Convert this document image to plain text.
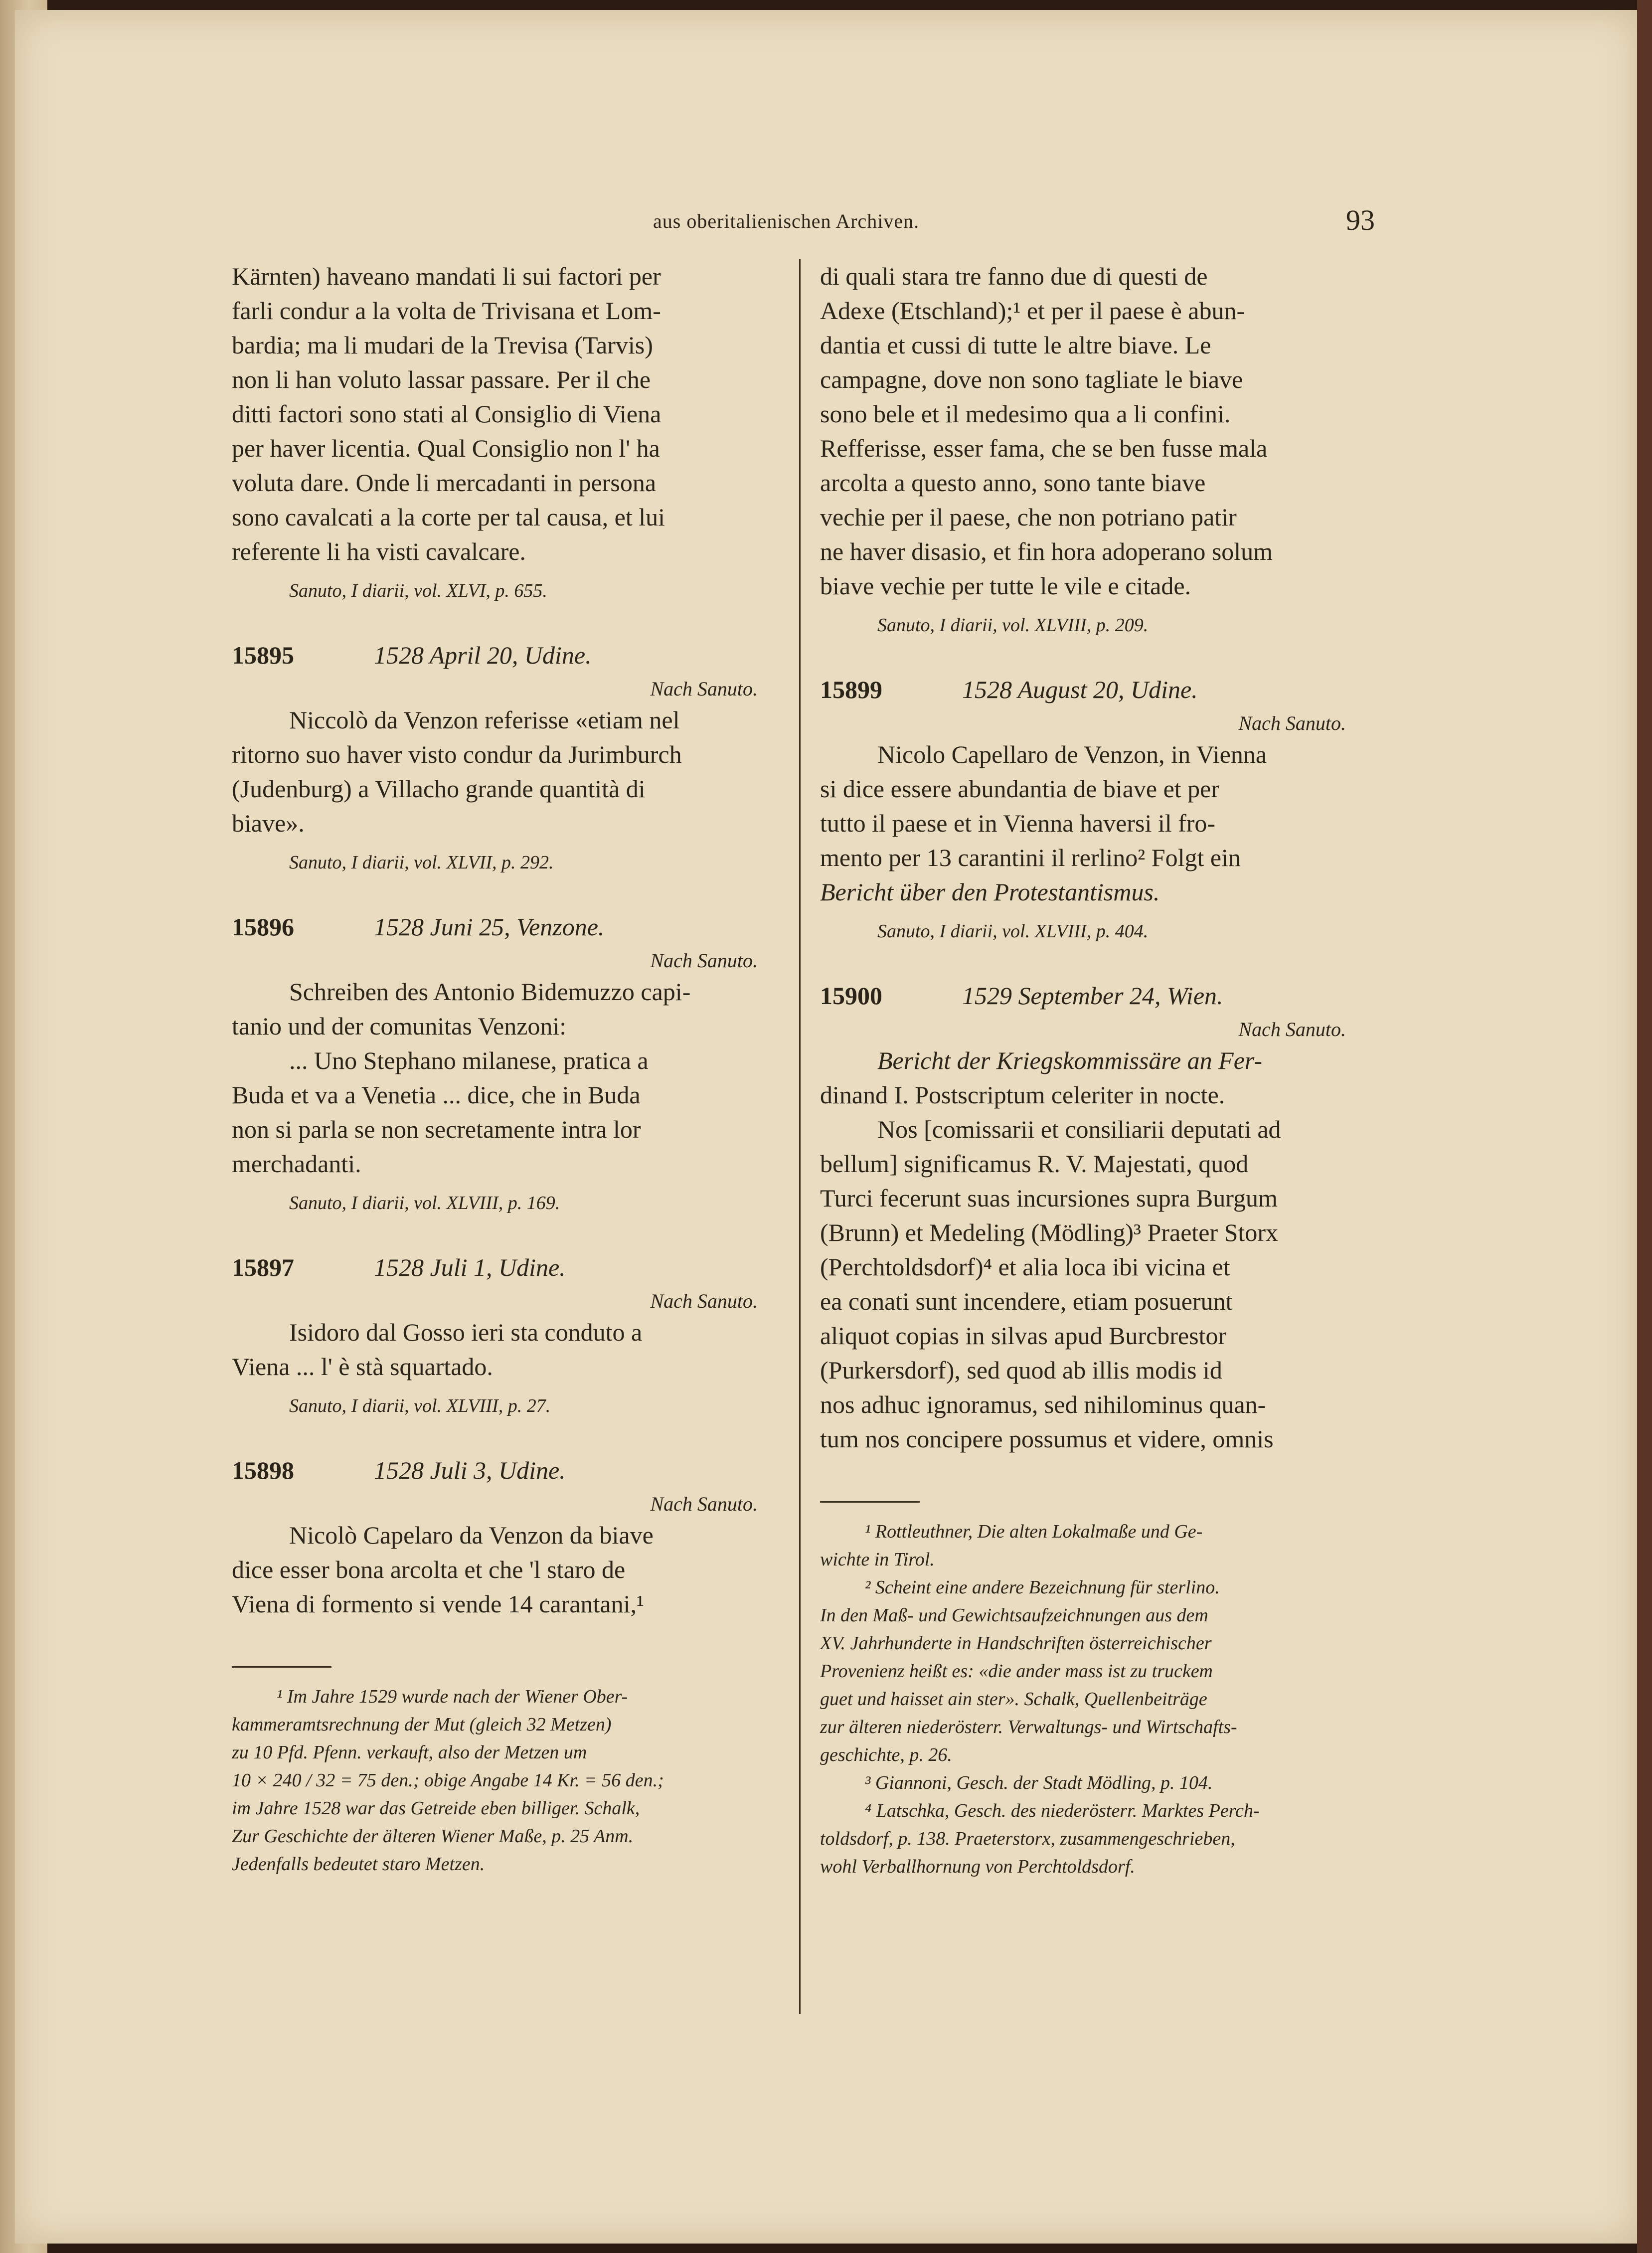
aus oberitalienischen Archiven.	93

Kärnten) haveano mandati li sui factori per

farli condur a la volta de Trivisana et Lom-

bardia; ma li mudari de la Trevisa (Tarvis)

non li han voluto lassar passare. Per il che

ditti factori sono stati al Consiglio di Viena

per haver licentia. Qual Consiglio non l' ha

voluta dare. Onde li mercadanti in persona

sono cavalcati a la corte per tal causa, et lui

referente li ha visti cavalcare.

Sanuto, I diarii, vol. XLVI, p. 655.

15895	1528 April 20, Udine.
Nach Sanuto.

Niccolò da Venzon referisse «etiam nel

ritorno suo haver visto condur da Jurimburch

(Judenburg) a Villacho grande quantità di

biave».

Sanuto, I diarii, vol. XLVII, p. 292.

15896	1528 Juni 25, Venzone.
Nach Sanuto.

Schreiben des Antonio Bidemuzzo capi-

tanio und der comunitas Venzoni:

... Uno Stephano milanese, pratica a

Buda et va a Venetia ... dice, che in Buda

non si parla se non secretamente intra lor

merchadanti.

Sanuto, I diarii, vol. XLVIII, p. 169.

15897	1528 Juli 1, Udine.
Nach Sanuto.

Isidoro dal Gosso ieri sta conduto a

Viena ... l' è stà squartado.

Sanuto, I diarii, vol. XLVIII, p. 27.

15898	1528 Juli 3, Udine.
Nach Sanuto.

Nicolò Capelaro da Venzon da biave

dice esser bona arcolta et che 'l staro de

Viena di formento si vende 14 carantani,¹

¹ Im Jahre 1529 wurde nach der Wiener Ober-

kammeramtsrechnung der Mut (gleich 32 Metzen)

zu 10 Pfd. Pfenn. verkauft, also der Metzen um

10 × 240 / 32 = 75 den.; obige Angabe 14 Kr. = 56 den.;

im Jahre 1528 war das Getreide eben billiger. Schalk,

Zur Geschichte der älteren Wiener Maße, p. 25 Anm.

Jedenfalls bedeutet staro Metzen.

di quali stara tre fanno due di questi de

Adexe (Etschland);¹ et per il paese è abun-

dantia et cussi di tutte le altre biave. Le

campagne, dove non sono tagliate le biave

sono bele et il medesimo qua a li confini.

Refferisse, esser fama, che se ben fusse mala

arcolta a questo anno, sono tante biave

vechie per il paese, che non potriano patir

ne haver disasio, et fin hora adoperano solum

biave vechie per tutte le vile e citade.

Sanuto, I diarii, vol. XLVIII, p. 209.

15899	1528 August 20, Udine.
Nach Sanuto.

Nicolo Capellaro de Venzon, in Vienna

si dice essere abundantia de biave et per

tutto il paese et in Vienna haversi il fro-

mento per 13 carantini il rerlino² Folgt ein

Bericht über den Protestantismus.

Sanuto, I diarii, vol. XLVIII, p. 404.

15900	1529 September 24, Wien.
Nach Sanuto.

Bericht der Kriegskommissäre an Fer-

dinand I. Postscriptum celeriter in nocte.

Nos [comissarii et consiliarii deputati ad

bellum] significamus R. V. Majestati, quod

Turci fecerunt suas incursiones supra Burgum

(Brunn) et Medeling (Mödling)³ Praeter Storx

(Perchtoldsdorf)⁴ et alia loca ibi vicina et

ea conati sunt incendere, etiam posuerunt

aliquot copias in silvas apud Burcbrestor

(Purkersdorf), sed quod ab illis modis id

nos adhuc ignoramus, sed nihilominus quan-

tum nos concipere possumus et videre, omnis

¹ Rottleuthner, Die alten Lokalmaße und Ge-

wichte in Tirol.

² Scheint eine andere Bezeichnung für sterlino.

In den Maß- und Gewichtsaufzeichnungen aus dem

XV. Jahrhunderte in Handschriften österreichischer

Provenienz heißt es: «die ander mass ist zu truckem

guet und haisset ain ster». Schalk, Quellenbeiträge

zur älteren niederösterr. Verwaltungs- und Wirtschafts-

geschichte, p. 26.

³ Giannoni, Gesch. der Stadt Mödling, p. 104.

⁴ Latschka, Gesch. des niederösterr. Marktes Perch-

toldsdorf, p. 138. Praeterstorx, zusammengeschrieben,

wohl Verballhornung von Perchtoldsdorf.
